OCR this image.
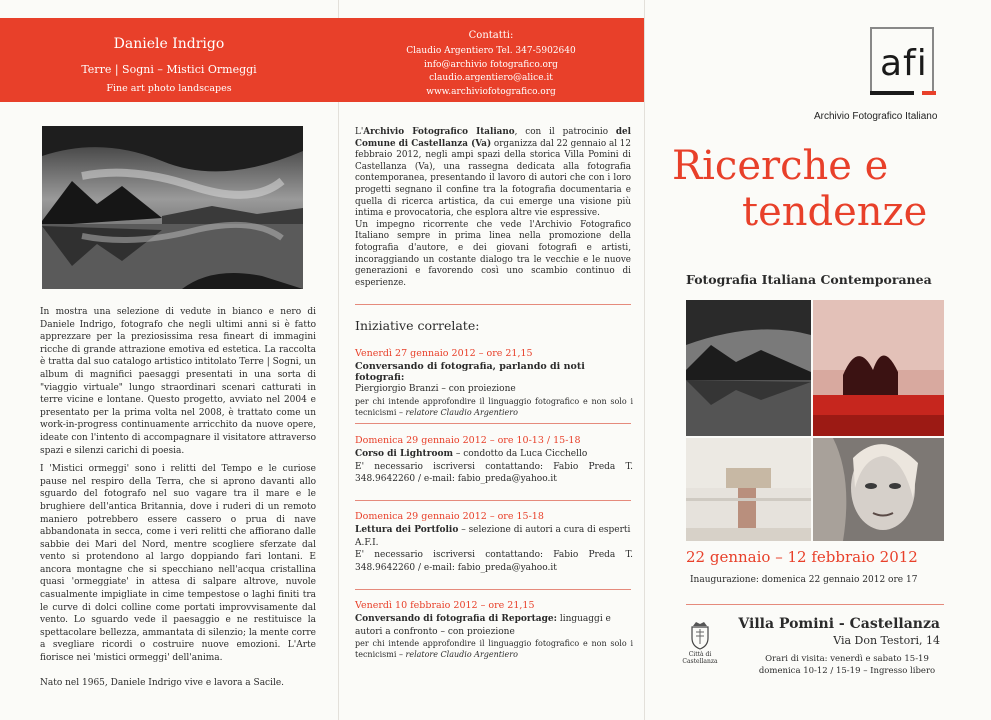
Daniele Indrigo
Terre | Sogni – Mistici Ormeggi
Fine art photo landscapes

In mostra una selezione di vedute in bianco e nero di Daniele Indrigo, fotografo che negli ultimi anni si è fatto apprezzare per la preziosissima resa fineart di immagini ricche di grande attrazione emotiva ed estetica. La raccolta è tratta dal suo catalogo artistico intitolato Terre | Sogni, un album di magnifici paesaggi presentati in una sorta di "viaggio virtuale" lungo straordinari scenari catturati in terre vicine e lontane. Questo progetto, avviato nel 2004 e presentato per la prima volta nel 2008, è trattato come un work-in-progress continuamente arricchito da nuove opere, ideate con l'intento di accompagnare il visitatore attraverso spazi e silenzi carichi di poesia.

I 'Mistici ormeggi' sono i relitti del Tempo e le curiose pause nel respiro della Terra, che si aprono davanti allo sguardo del fotografo nel suo vagare tra il mare e le brughiere dell'antica Britannia, dove i ruderi di un remoto maniero potrebbero essere cassero o prua di nave abbandonata in secca, come i veri relitti che affiorano dalle sabbie dei Mari del Nord, mentre scogliere sferzate dal vento si protendono al largo doppiando fari lontani. E ancora montagne che si specchiano nell'acqua cristallina quasi 'ormeggiate' in attesa di salpare altrove, nuvole casualmente impigliate in cime tempestose o laghi finiti tra le curve di dolci colline come portati improvvisamente dal vento. Lo sguardo vede il paesaggio e ne restituisce la spettacolare bellezza, ammantata di silenzio; la mente corre a svegliare ricordi o costruire nuove emozioni. L'Arte fiorisce nei 'mistici ormeggi' dell'anima.

Nato nel 1965, Daniele Indrigo vive e lavora a Sacile.

Contatti:
Claudio Argentiero Tel. 347-5902640
info@archivio fotografico.org
claudio.argentiero@alice.it
www.archiviofotografico.org

L'Archivio Fotografico Italiano, con il patrocinio del Comune di Castellanza (Va) organizza dal 22 gennaio al 12 febbraio 2012, negli ampi spazi della storica Villa Pomini di Castellanza (Va), una rassegna dedicata alla fotografia contemporanea, presentando il lavoro di autori che con i loro progetti segnano il confine tra la fotografia documentaria e quella di ricerca artistica, da cui emerge una visione più intima e provocatoria, che esplora altre vie espressive.

Un impegno ricorrente che vede l'Archivio Fotografico Italiano sempre in prima linea nella promozione della fotografia d'autore, e dei giovani fotografi e artisti, incoraggiando un costante dialogo tra le vecchie e le nuove generazioni e favorendo così uno scambio continuo di esperienze.

Iniziative correlate:
Venerdì 27 gennaio 2012 – ore 21,15
Conversando di fotografia, parlando di noti fotografi:
Piergiorgio Branzi – con proiezione
per chi intende approfondire il linguaggio fotografico e non solo i tecnicismi – relatore Claudio Argentiero
Domenica 29 gennaio 2012 – ore 10-13 / 15-18
Corso di Lightroom – condotto da Luca Cicchello
E' necessario iscriversi contattando: Fabio Preda T. 348.9642260 / e-mail: fabio_preda@yahoo.it
Domenica 29 gennaio 2012 – ore 15-18
Lettura dei Portfolio – selezione di autori a cura di esperti A.F.I.
E' necessario iscriversi contattando: Fabio Preda T. 348.9642260 / e-mail: fabio_preda@yahoo.it
Venerdì 10 febbraio 2012 – ore 21,15
Conversando di fotografia di Reportage: linguaggi e autori a confronto – con proiezione
per chi intende approfondire il linguaggio fotografico e non solo i tecnicismi – relatore Claudio Argentiero
afi
Archivio Fotografico Italiano
Ricerche e
tendenze
Fotografia Italiana Contemporanea
22 gennaio – 12 febbraio 2012
Inaugurazione: domenica 22 gennaio 2012 ore 17
Città di Castellanza
Villa Pomini - Castellanza
Via Don Testori, 14
Orari di visita: venerdì e sabato 15-19
domenica 10-12 / 15-19 – Ingresso libero
